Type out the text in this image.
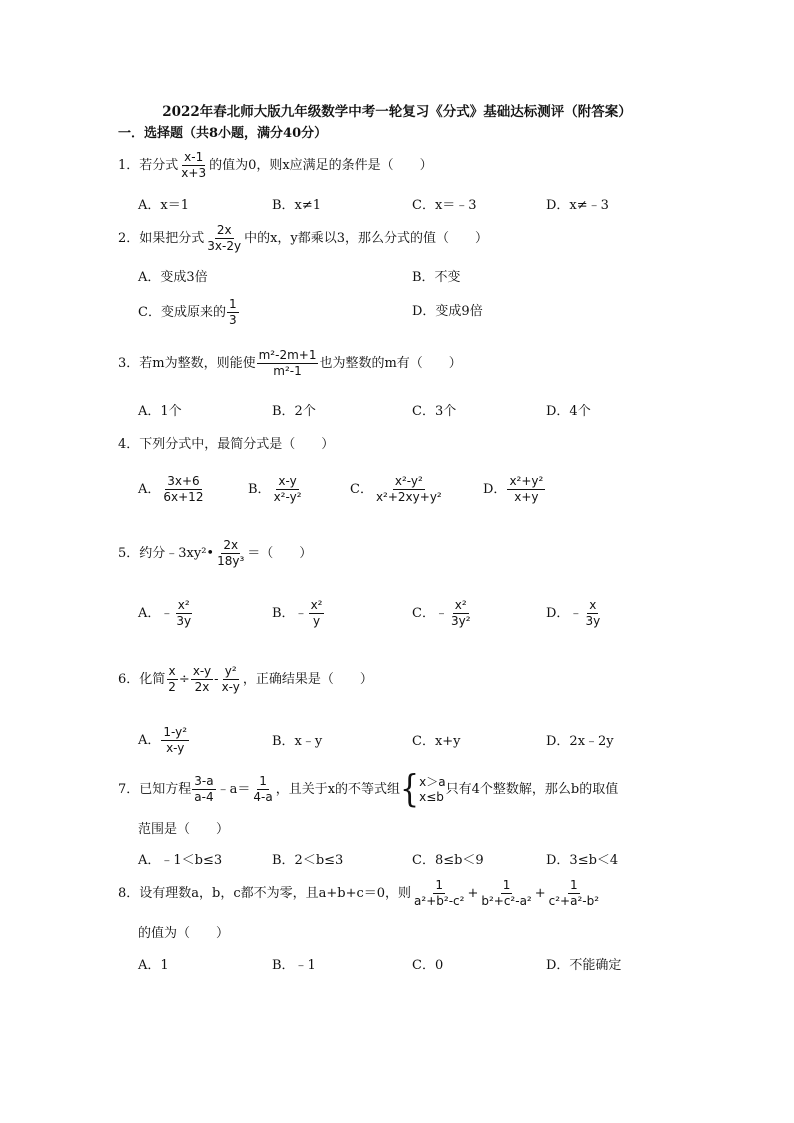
2022年春北师大版九年级数学中考一轮复习《分式》基础达标测评（附答案）
一．选择题（共8小题，满分40分）
1．若分式 $\frac{x-1}{x+3}$ 的值为0，则x应满足的条件是（　　）
A．x＝1	B．x≠1	C．x＝﹣3	D．x≠﹣3
2．如果把分式 $\frac{2x}{3x-2y}$ 中的x，y都乘以3，那么分式的值（　　）
A．变成3倍	B．不变
C．变成原来的 $\frac{1}{3}$	D．变成9倍
3．若m为整数，则能使 $\frac{\text{m²-2m+1}}{\text{m²-1}}$ 也为整数的m有（　　）
A．1个	B．2个	C．3个	D．4个
4．下列分式中，最简分式是（　　）
A． $\frac{3x+6}{6x+12}$	B． $\frac{x-y}{\text{x²-y²}}$	C． $\frac{\text{x²-y²}}{\text{x²+2xy+y²}}$	D． $\frac{\text{x²+y²}}{x+y}$
5．约分﹣3xy²• $\frac{2x}{\text{18y³}}$ ＝（　　）
A．﹣ $\frac{\text{x²}}{3y}$	B．﹣ $\frac{\text{x²}}{y}$	C．﹣ $\frac{\text{x²}}{\text{3y²}}$	D．﹣ $\frac{x}{3y}$
6．化简 $\frac{x}{2} \div \frac{x-y}{2x} - \frac{\text{y²}}{x-y}$ ，正确结果是（　　）
A． $\frac{\text{1-y²}}{x-y}$	B．x﹣y	C．x+y	D．2x﹣2y
7．已知方程 $\frac{3-a}{a-4}$ ﹣a＝ $\frac{1}{4-a}$ ，且关于x的不等式组{ x＞a
x≤b 只有4个整数解，那么b的取值
范围是（　　）
A．﹣1＜b≤3	B．2＜b≤3	C．8≤b＜9	D．3≤b＜4
8．设有理数a，b，c都不为零，且a+b+c＝0，则 $\frac{1}{\text{a²+b²-c²}} + \frac{1}{\text{b²+c²-a²}} + \frac{1}{\text{c²+a²-b²}}$
的值为（　　）
A．1	B．﹣1	C．0	D．不能确定
